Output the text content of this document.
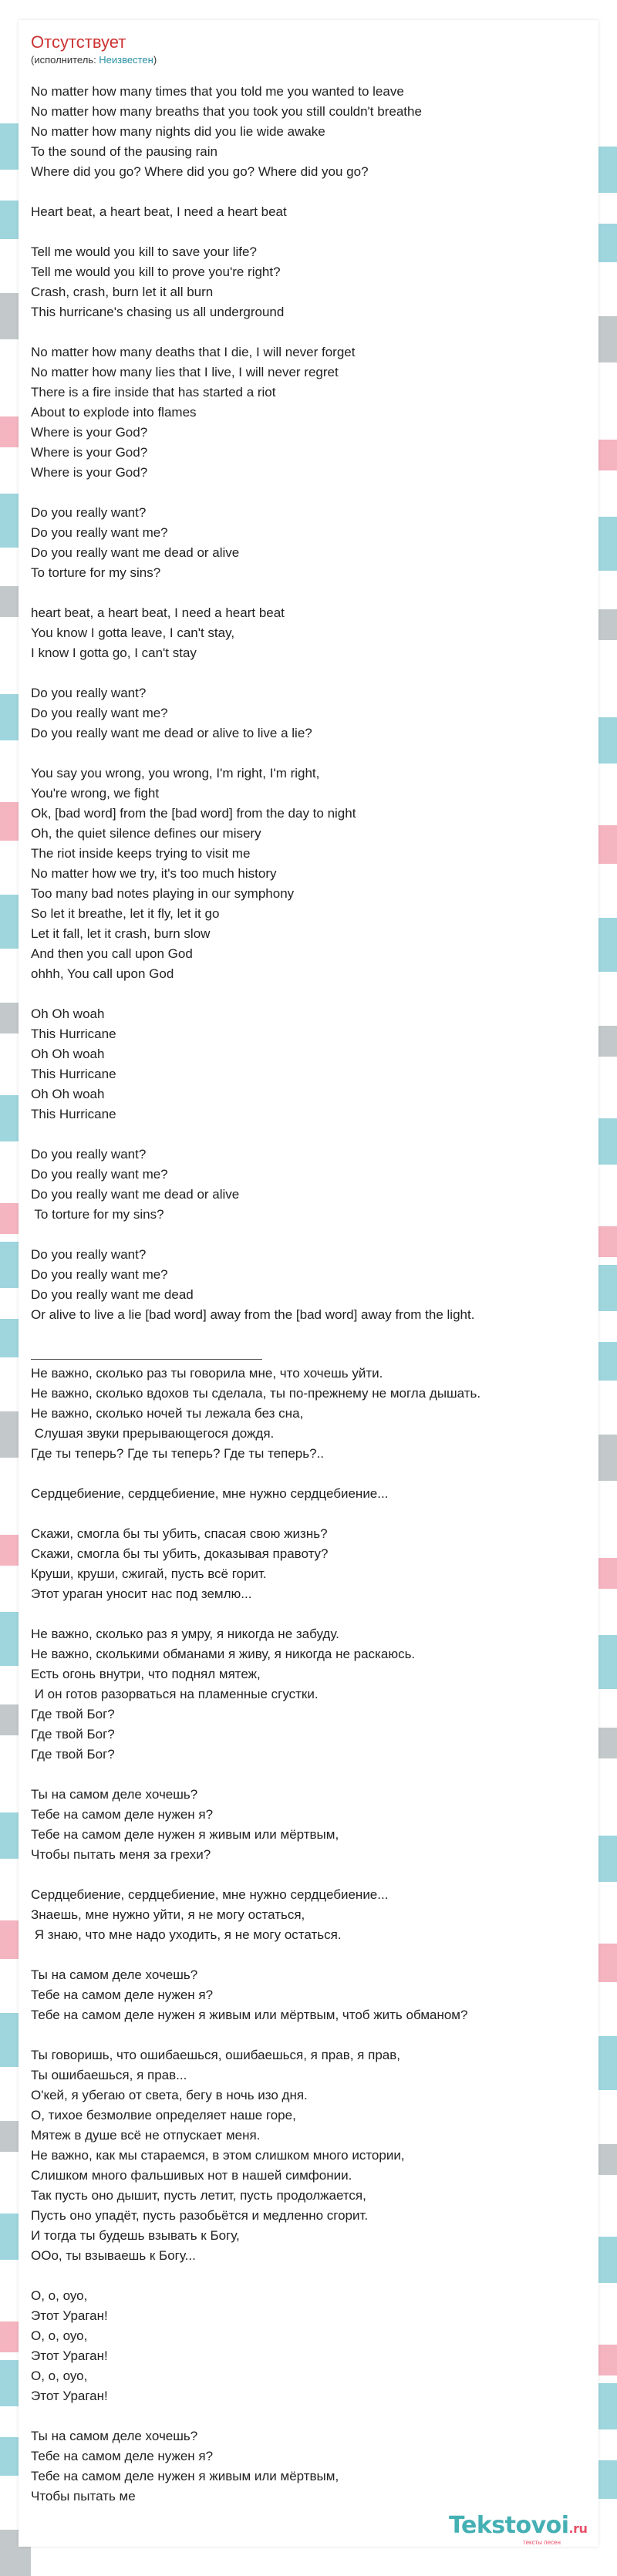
Отсутствует
(исполнитель: Неизвестен)
No matter how many times that you told me you wanted to leave
No matter how many breaths that you took you still couldn't breathe
No matter how many nights did you lie wide awake
To the sound of the pausing rain
Where did you go? Where did you go? Where did you go?

Heart beat, a heart beat, I need a heart beat

Tell me would you kill to save your life?
Tell me would you kill to prove you're right?
Crash, crash, burn let it all burn
This hurricane's chasing us all underground

No matter how many deaths that I die, I will never forget
No matter how many lies that I live, I will never regret
There is a fire inside that has started a riot
About to explode into flames
Where is your God?
Where is your God?
Where is your God?

Do you really want?
Do you really want me?
Do you really want me dead or alive
To torture for my sins?

heart beat, a heart beat, I need a heart beat
You know I gotta leave, I can't stay,
I know I gotta go, I can't stay

Do you really want?
Do you really want me?
Do you really want me dead or alive to live a lie?

You say you wrong, you wrong, I'm right, I'm right,
You're wrong, we fight
Ok, [bad word] from the [bad word] from the day to night
Oh, the quiet silence defines our misery
The riot inside keeps trying to visit me
No matter how we try, it's too much history
Too many bad notes playing in our symphony
So let it breathe, let it fly, let it go
Let it fall, let it crash, burn slow
And then you call upon God
ohhh, You call upon God

Oh Oh woah
This Hurricane
Oh Oh woah
This Hurricane
Oh Oh woah
This Hurricane

Do you really want?
Do you really want me?
Do you really want me dead or alive
To torture for my sins?

Do you really want?
Do you really want me?
Do you really want me dead
Or alive to live a lie [bad word] away from the [bad word] away from the light.
Не важно, сколько раз ты говорила мне, что хочешь уйти.
Не важно, сколько вдохов ты сделала, ты по-прежнему не могла дышать.
Не важно, сколько ночей ты лежала без сна,
Слушая звуки прерывающегося дождя.
Где ты теперь? Где ты теперь? Где ты теперь?..

Сердцебиение, сердцебиение, мне нужно сердцебиение...

Скажи, смогла бы ты убить, спасая свою жизнь?
Скажи, смогла бы ты убить, доказывая правоту?
Круши, круши, сжигай, пусть всё горит.
Этот ураган уносит нас под землю...

Не важно, сколько раз я умру, я никогда не забуду.
Не важно, сколькими обманами я живу, я никогда не раскаюсь.
Есть огонь внутри, что поднял мятеж,
И он готов разорваться на пламенные сгустки.
Где твой Бог?
Где твой Бог?
Где твой Бог?

Ты на самом деле хочешь?
Тебе на самом деле нужен я?
Тебе на самом деле нужен я живым или мёртвым,
Чтобы пытать меня за грехи?

Сердцебиение, сердцебиение, мне нужно сердцебиение...
Знаешь, мне нужно уйти, я не могу остаться,
Я знаю, что мне надо уходить, я не могу остаться.

Ты на самом деле хочешь?
Тебе на самом деле нужен я?
Тебе на самом деле нужен я живым или мёртвым, чтоб жить обманом?

Ты говоришь, что ошибаешься, ошибаешься, я прав, я прав,
Ты ошибаешься, я прав...
О'кей, я убегаю от света, бегу в ночь изо дня.
О, тихое безмолвие определяет наше горе,
Мятеж в душе всё не отпускает меня.
Не важно, как мы стараемся, в этом слишком много истории,
Слишком много фальшивых нот в нашей симфонии.
Так пусть оно дышит, пусть летит, пусть продолжается,
Пусть оно упадёт, пусть разобьётся и медленно сгорит.
И тогда ты будешь взывать к Богу,
ООо, ты взываешь к Богу...

О, о, оуо,
Этот Ураган!
О, о, оуо,
Этот Ураган!
О, о, оуо,
Этот Ураган!

Ты на самом деле хочешь?
Тебе на самом деле нужен я?
Тебе на самом деле нужен я живым или мёртвым,
Чтобы пытать ме
Tekstovoi.ru
тексты песен
